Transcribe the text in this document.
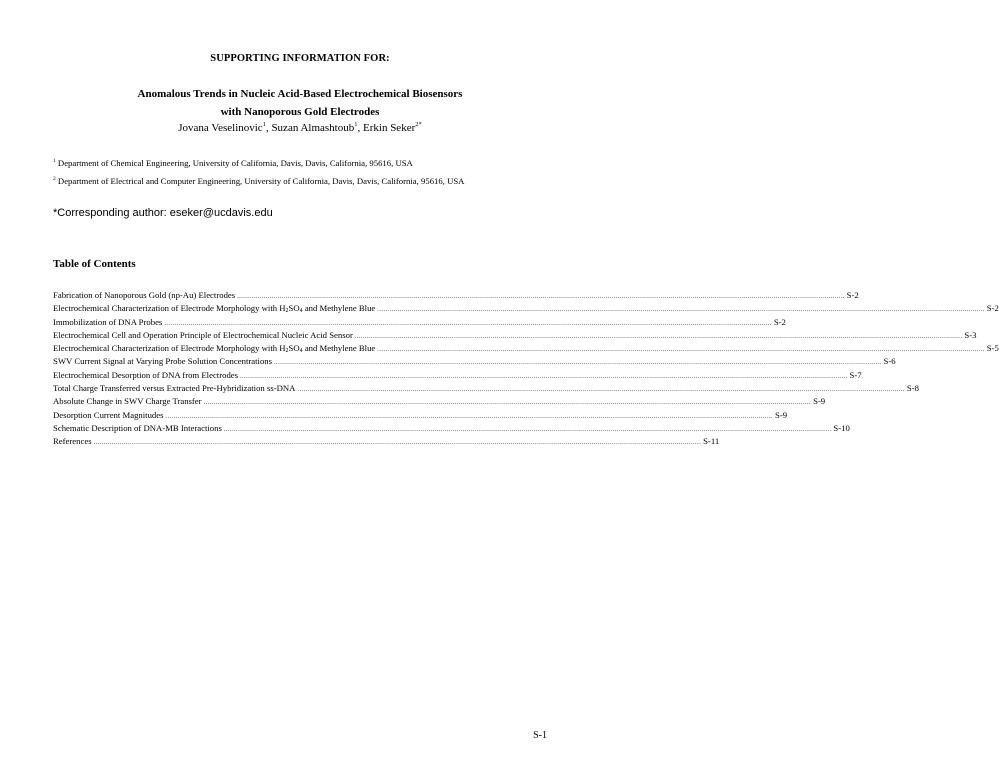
SUPPORTING INFORMATION FOR:
Anomalous Trends in Nucleic Acid-Based Electrochemical Biosensors
with Nanoporous Gold Electrodes
Jovana Veselinovic$^1$, Suzan Almashtoub$^1$, Erkin Seker$^{2*}$
$^1$ Department of Chemical Engineering, University of California, Davis, Davis, California, 95616, USA
$^2$ Department of Electrical and Computer Engineering, University of California, Davis, Davis, California, 95616, USA
*Corresponding author: eseker@ucdavis.edu
Table of Contents
Fabrication of Nanoporous Gold (np-Au) Electrodes ............................................................................................................................................................................................................................................................................................................ S-2
Electrochemical Characterization of Electrode Morphology with $H_2SO_4$ and Methylene Blue ............................................................................................................................................................................................................................................................................................................ S-2
Immobilization of DNA Probes ............................................................................................................................................................................................................................................................................................................ S-2
Electrochemical Cell and Operation Principle of Electrochemical Nucleic Acid Sensor ............................................................................................................................................................................................................................................................................................................ S-3
Electrochemical Characterization of Electrode Morphology with $H_2SO_4$ and Methylene Blue ............................................................................................................................................................................................................................................................................................................ S-5
SWV Current Signal at Varying Probe Solution Concentrations ............................................................................................................................................................................................................................................................................................................ S-6
Electrochemical Desorption of DNA from Electrodes ............................................................................................................................................................................................................................................................................................................ S-7
Total Charge Transferred versus Extracted Pre-Hybridization ss-DNA ............................................................................................................................................................................................................................................................................................................ S-8
Absolute Change in SWV Charge Transfer ............................................................................................................................................................................................................................................................................................................ S-9
Desorption Current Magnitudes ............................................................................................................................................................................................................................................................................................................ S-9
Schematic Description of DNA-MB Interactions ............................................................................................................................................................................................................................................................................................................ S-10
References ............................................................................................................................................................................................................................................................................................................ S-11
S-1
